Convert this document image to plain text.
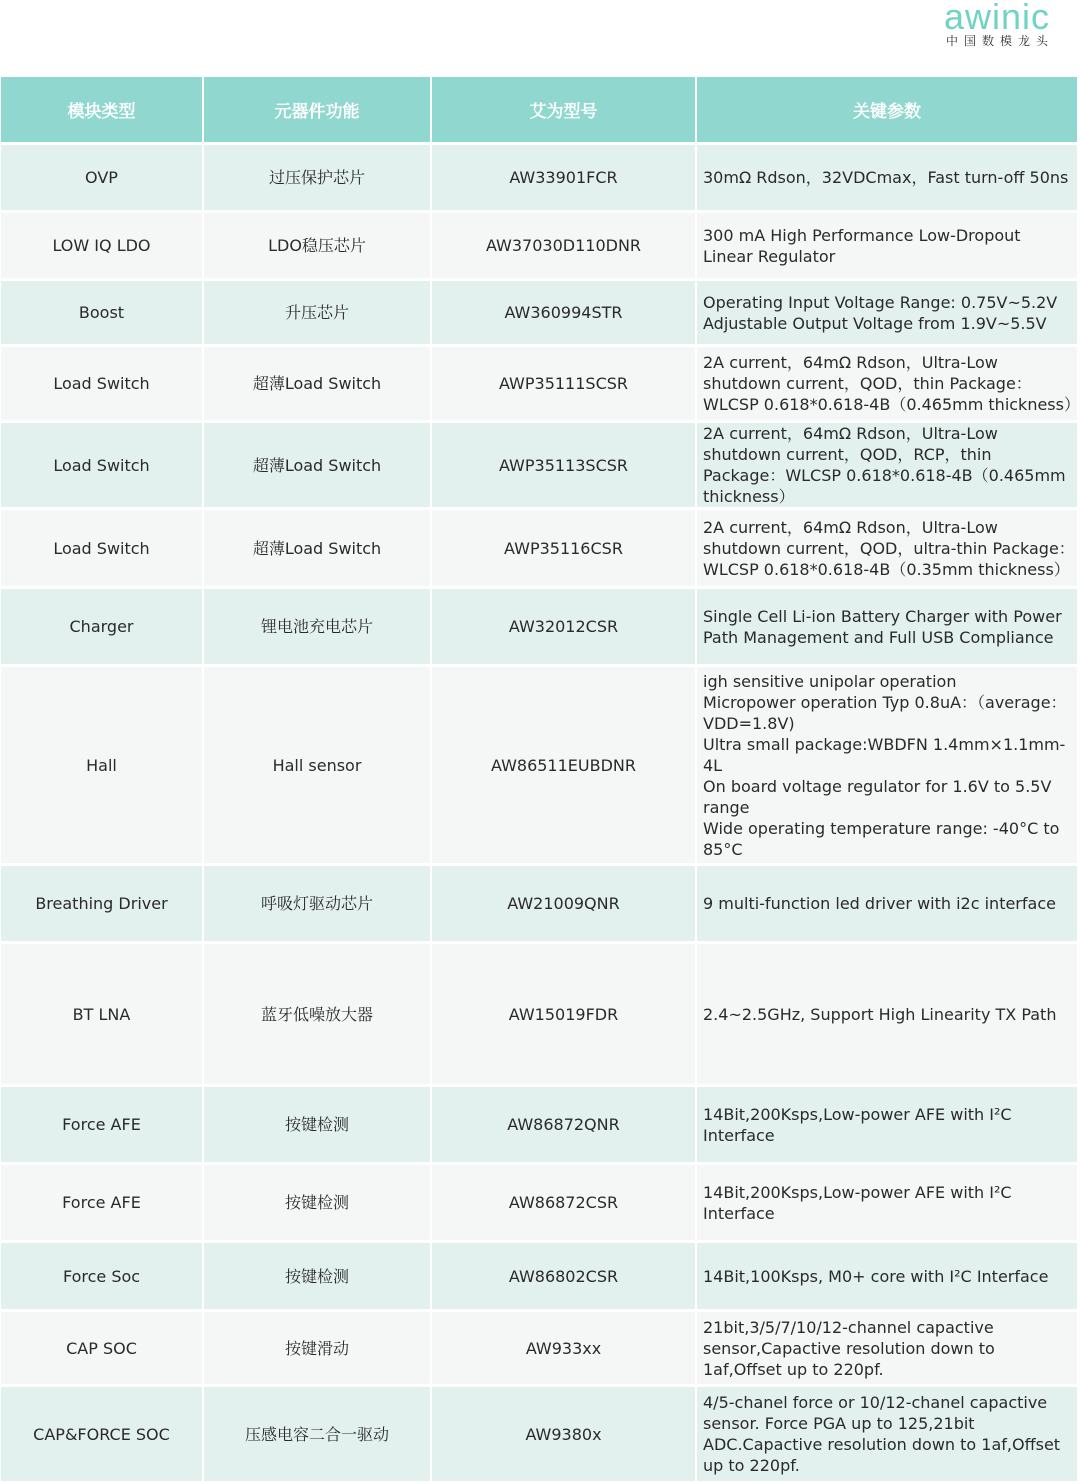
awinic
中国数模龙头
模块类型	元器件功能	艾为型号	关键参数
OVP	过压保护芯片	AW33901FCR	30mΩ Rdson，32VDCmax，Fast turn-off 50ns

LOW IQ LDO	LDO稳压芯片	AW37030D110DNR	300 mA High Performance Low-Dropout Linear Regulator

Boost	升压芯片	AW360994STR	Operating Input Voltage Range: 0.75V~5.2V
Adjustable Output Voltage from 1.9V~5.5V

Load Switch	超薄Load Switch	AWP35111SCSR	2A current，64mΩ Rdson，Ultra-Low shutdown current，QOD，thin Package：WLCSP 0.618*0.618-4B（0.465mm thickness）

Load Switch	超薄Load Switch	AWP35113SCSR	2A current，64mΩ Rdson，Ultra-Low shutdown current，QOD，RCP，thin Package：WLCSP 0.618*0.618-4B（0.465mm thickness）

Load Switch	超薄Load Switch	AWP35116CSR	2A current，64mΩ Rdson，Ultra-Low shutdown current，QOD，ultra-thin Package：WLCSP 0.618*0.618-4B（0.35mm thickness）

Charger	锂电池充电芯片	AW32012CSR	Single Cell Li-ion Battery Charger with Power Path Management and Full USB Compliance

Hall	Hall sensor	AW86511EUBDNR	igh sensitive unipolar operation
Micropower operation Typ 0.8uA：（average：VDD=1.8V)
Ultra small package:WBDFN 1.4mm×1.1mm-4L
On board voltage regulator for 1.6V to 5.5V range
Wide operating temperature range: -40°C to 85°C

Breathing Driver	呼吸灯驱动芯片	AW21009QNR	9 multi-function led driver with i2c interface

BT LNA	蓝牙低噪放大器	AW15019FDR	2.4~2.5GHz, Support High Linearity TX Path

Force AFE	按键检测	AW86872QNR	14Bit,200Ksps,Low-power AFE with I²C Interface

Force AFE	按键检测	AW86872CSR	14Bit,200Ksps,Low-power AFE with I²C Interface

Force Soc	按键检测	AW86802CSR	14Bit,100Ksps, M0+ core with I²C Interface

CAP SOC	按键滑动	AW933xx	21bit,3/5/7/10/12-channel capactive sensor,Capactive resolution down to 1af,Offset up to 220pf.

CAP&FORCE SOC	压感电容二合一驱动	AW9380x	4/5-chanel force or 10/12-chanel capactive sensor. Force PGA up to 125,21bit ADC.Capactive resolution down to 1af,Offset up to 220pf.
